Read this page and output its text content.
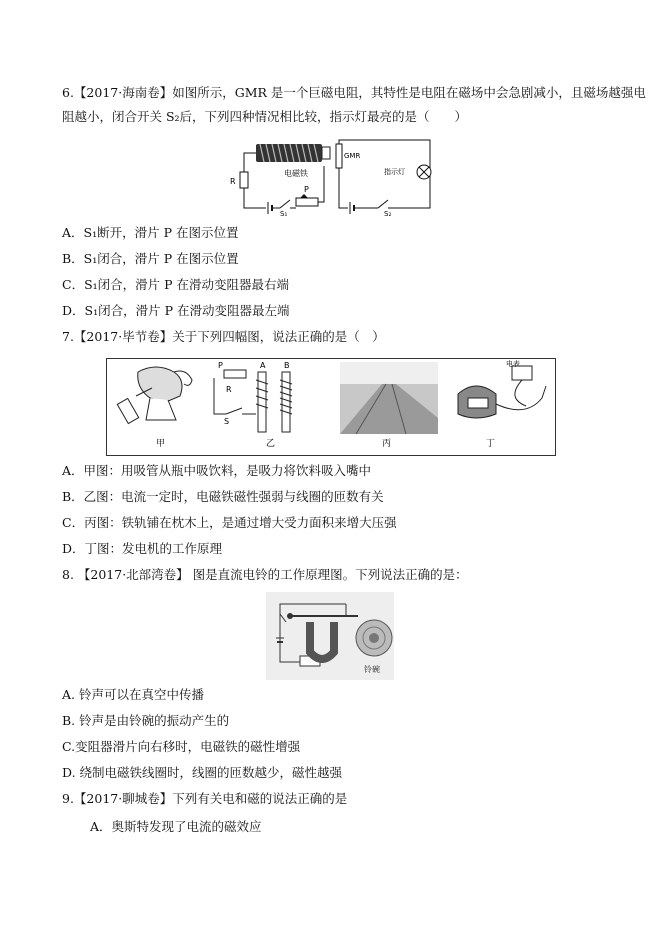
6.【2017·海南卷】如图所示，GMR 是一个巨磁电阻，其特性是电阻在磁场中会急剧减小，且磁场越强电
阻越小，闭合开关 S₂后，下列四种情况相比较，指示灯最亮的是（　　）
电磁铁
R
S₁
P
GMR
S₂
指示灯
A．S₁断开，滑片 P 在图示位置
B．S₁闭合，滑片 P 在图示位置
C．S₁闭合，滑片 P 在滑动变阻器最右端
D．S₁闭合，滑片 P 在滑动变阻器最左端
7.【2017·毕节卷】关于下列四幅图，说法正确的是（　）
甲
P
R
S
A B
乙	丙
电表
丁
A．甲图：用吸管从瓶中吸饮料，是吸力将饮料吸入嘴中
B．乙图：电流一定时，电磁铁磁性强弱与线圈的匝数有关
C．丙图：铁轨铺在枕木上，是通过增大受力面积来增大压强
D．丁图：发电机的工作原理
8. 【2017·北部湾卷】 图是直流电铃的工作原理图。下列说法正确的是：
铃碗
A. 铃声可以在真空中传播
B. 铃声是由铃碗的振动产生的
C.变阻器滑片向右移时，电磁铁的磁性增强
D. 绕制电磁铁线圈时，线圈的匝数越少，磁性越强
9.【2017·聊城卷】下列有关电和磁的说法正确的是
A．奥斯特发现了电流的磁效应
